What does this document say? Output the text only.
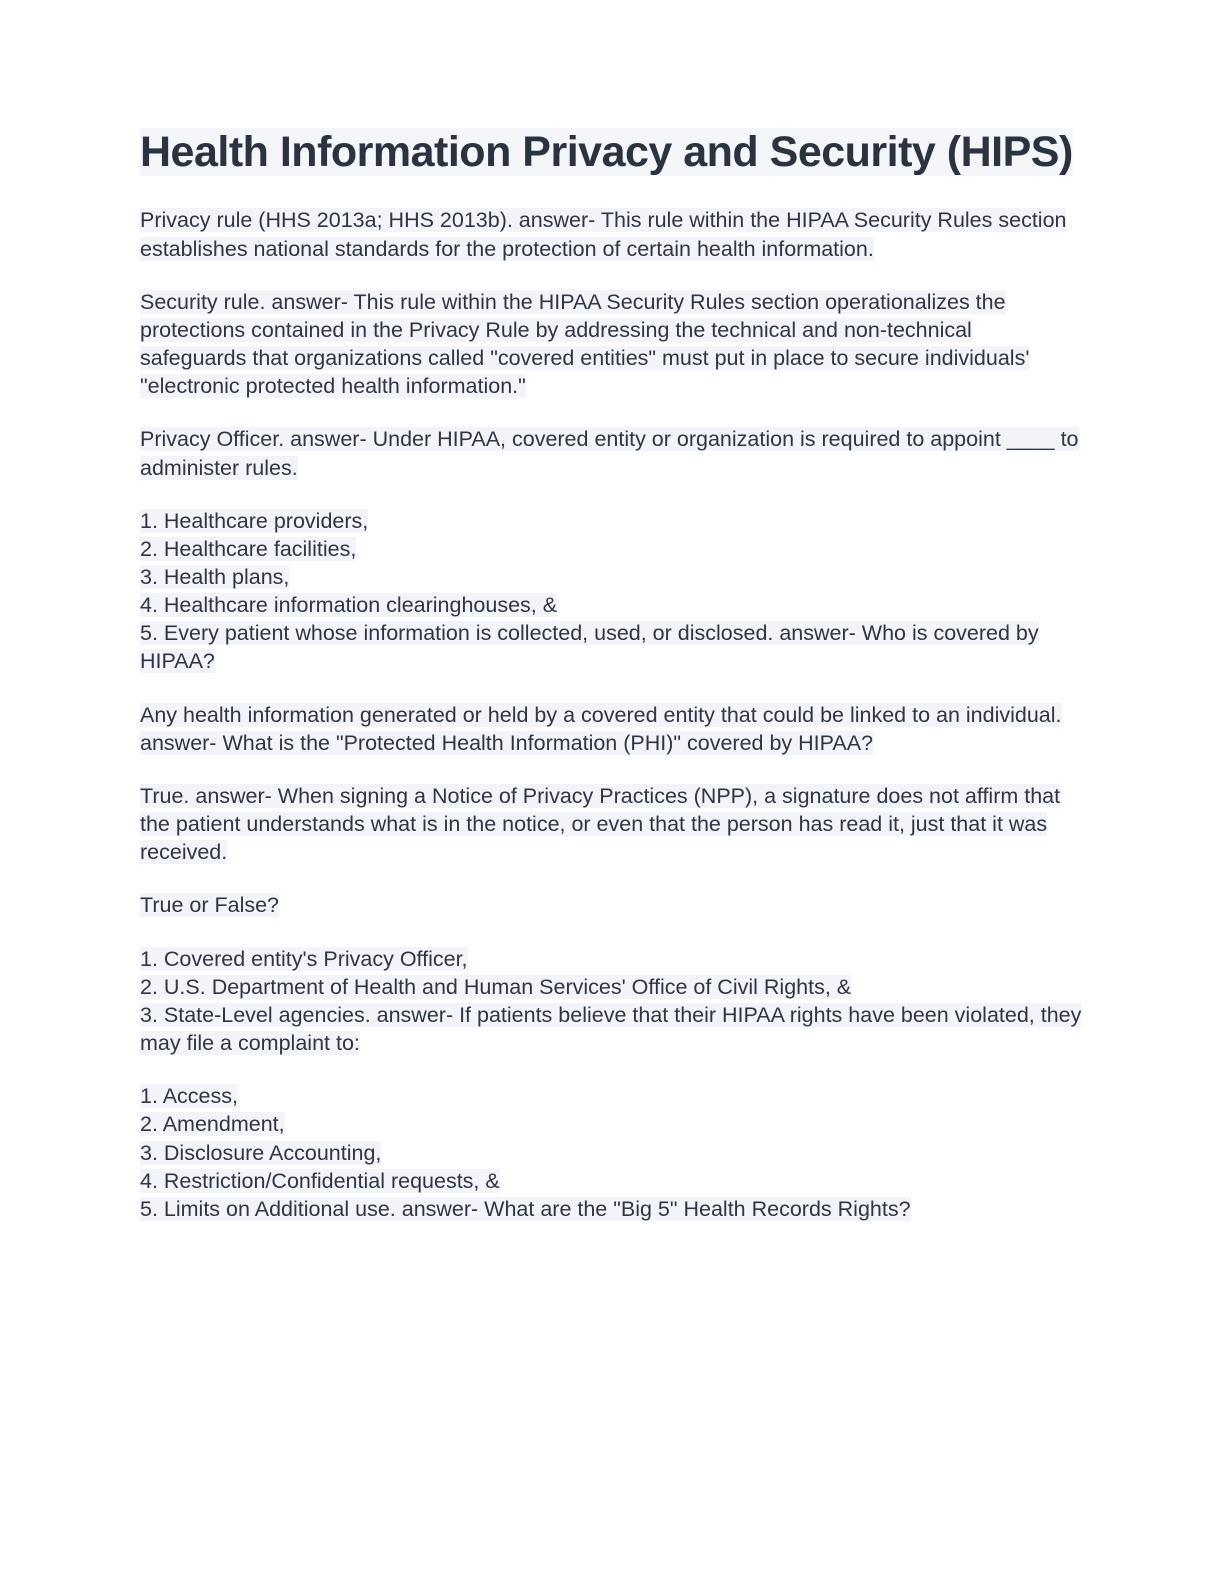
Health Information Privacy and Security (HIPS)

Privacy rule (HHS 2013a; HHS 2013b). answer- This rule within the HIPAA Security Rules section establishes national standards for the protection of certain health information.

Security rule. answer- This rule within the HIPAA Security Rules section operationalizes the protections contained in the Privacy Rule by addressing the technical and non-technical safeguards that organizations called "covered entities" must put in place to secure individuals' "electronic protected health information."

Privacy Officer. answer- Under HIPAA, covered entity or organization is required to appoint ____ to administer rules.

1. Healthcare providers,
2. Healthcare facilities,
3. Health plans,
4. Healthcare information clearinghouses, &
5. Every patient whose information is collected, used, or disclosed. answer- Who is covered by HIPAA?

Any health information generated or held by a covered entity that could be linked to an individual. answer- What is the "Protected Health Information (PHI)" covered by HIPAA?

True. answer- When signing a Notice of Privacy Practices (NPP), a signature does not affirm that the patient understands what is in the notice, or even that the person has read it, just that it was received.

True or False?

1. Covered entity's Privacy Officer,
2. U.S. Department of Health and Human Services' Office of Civil Rights, &
3. State-Level agencies. answer- If patients believe that their HIPAA rights have been violated, they may file a complaint to:

1. Access,
2. Amendment,
3. Disclosure Accounting,
4. Restriction/Confidential requests, &
5. Limits on Additional use. answer- What are the "Big 5" Health Records Rights?
